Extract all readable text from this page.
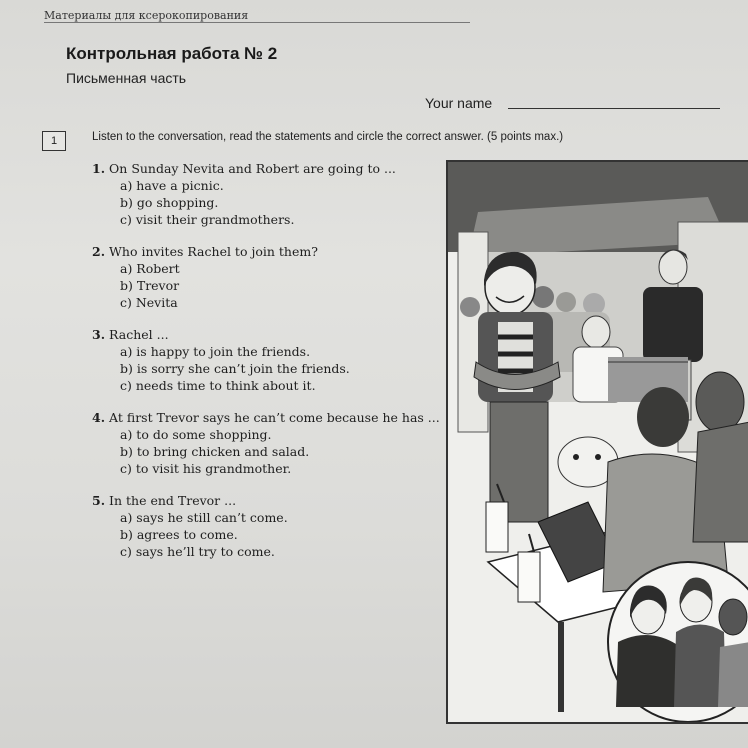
Материалы для ксерокопирования
Контрольная работа № 2
Письменная часть
Your name
1	Listen to the conversation, read the statements and circle the correct answer. (5 points max.)
1. On Sunday Nevita and Robert are going to ...
a) have a picnic.
b) go shopping.
c) visit their grandmothers.
2. Who invites Rachel to join them?
a) Robert
b) Trevor
c) Nevita
3. Rachel ...
a) is happy to join the friends.
b) is sorry she can’t join the friends.
c) needs time to think about it.
4. At first Trevor says he can’t come because he has ...
a) to do some shopping.
b) to bring chicken and salad.
c) to visit his grandmother.
5. In the end Trevor ...
a) says he still can’t come.
b) agrees to come.
c) says he’ll try to come.
